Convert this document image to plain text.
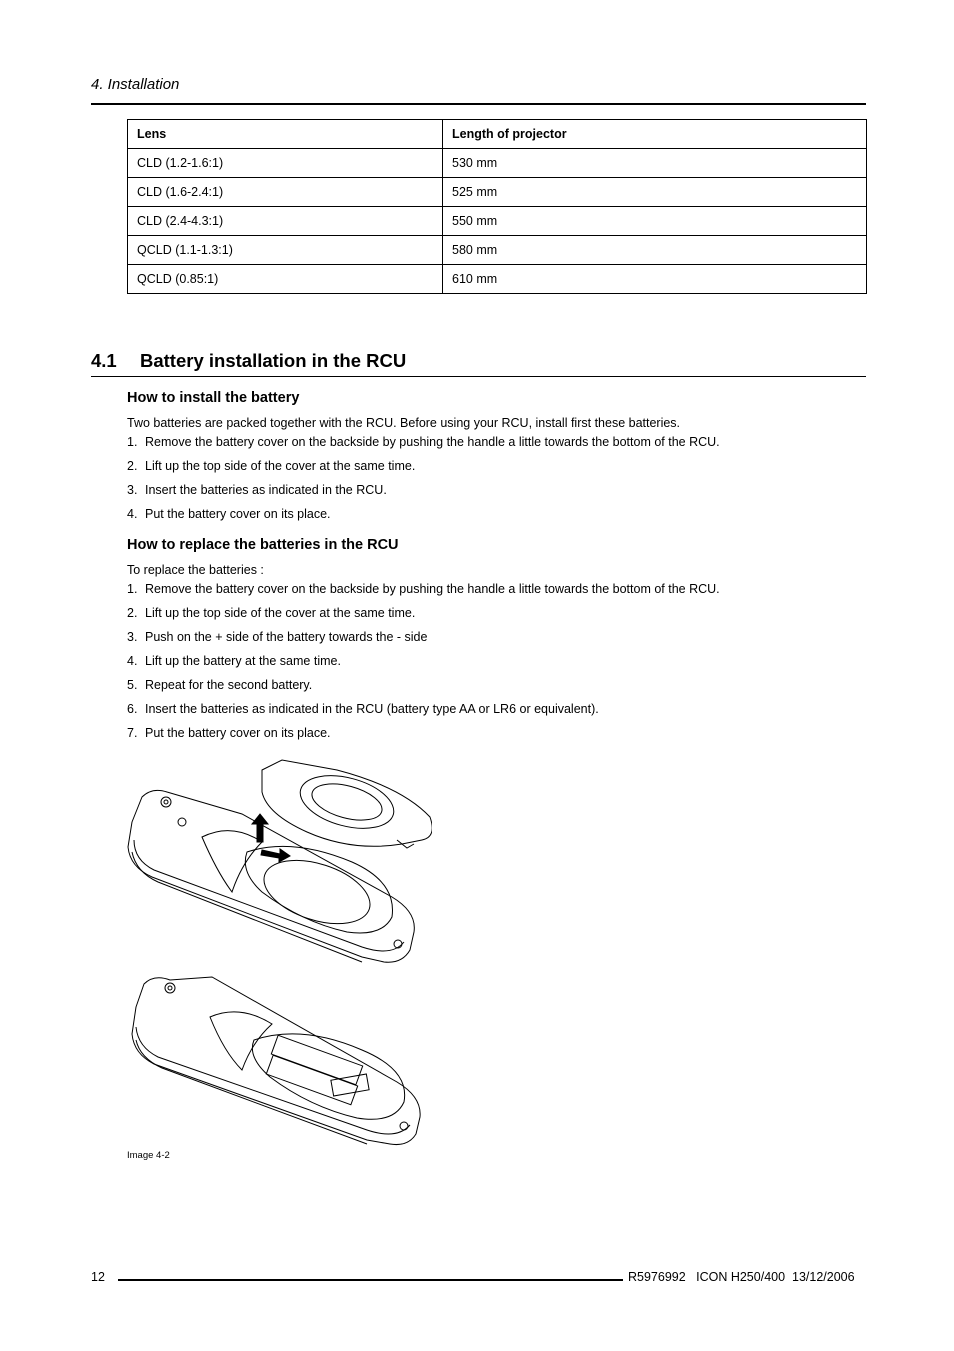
4. Installation
Lens	Length of projector
CLD (1.2-1.6:1)	530 mm
CLD (1.6-2.4:1)	525 mm
CLD (2.4-4.3:1)	550 mm
QCLD (1.1-1.3:1)	580 mm
QCLD (0.85:1)	610 mm
4.1 Battery installation in the RCU
How to install the battery
Two batteries are packed together with the RCU. Before using your RCU, install first these batteries.
1. Remove the battery cover on the backside by pushing the handle a little towards the bottom of the RCU.
2. Lift up the top side of the cover at the same time.
3. Insert the batteries as indicated in the RCU.
4. Put the battery cover on its place.
How to replace the batteries in the RCU
To replace the batteries :
1. Remove the battery cover on the backside by pushing the handle a little towards the bottom of the RCU.
2. Lift up the top side of the cover at the same time.
3. Push on the + side of the battery towards the - side
4. Lift up the battery at the same time.
5. Repeat for the second battery.
6. Insert the batteries as indicated in the RCU (battery type AA or LR6 or equivalent).
7. Put the battery cover on its place.
Image 4-2
12	R5976992   ICON H250/400  13/12/2006
